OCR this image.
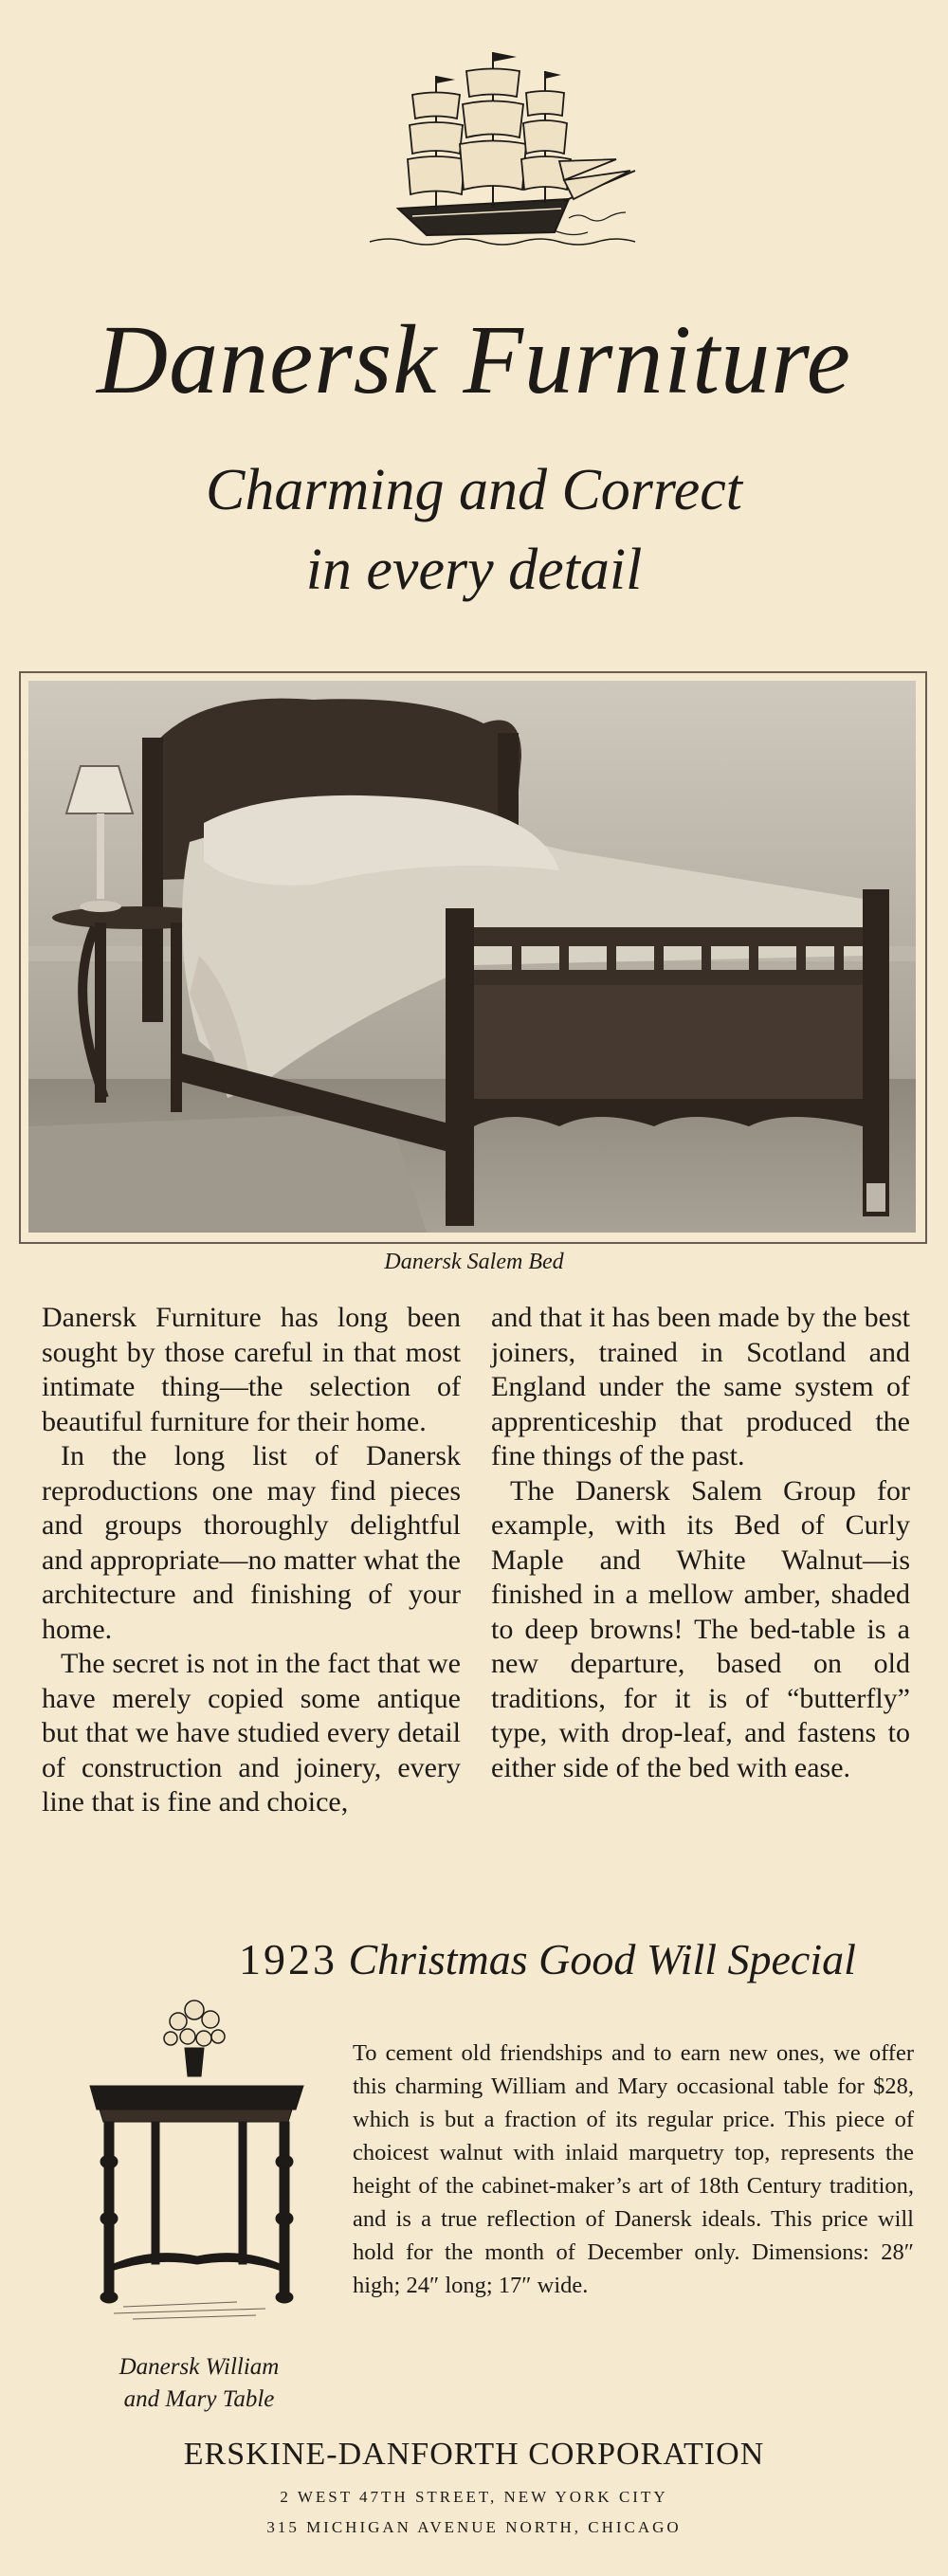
Danersk Furniture
Charming and Correct
in every detail
Danersk Salem Bed

Danersk Furniture has long been sought by those careful in that most intimate thing—the selection of beautiful furniture for their home.

In the long list of Danersk reproductions one may find pieces and groups thoroughly delightful and appropriate—no matter what the architecture and finishing of your home.

The secret is not in the fact that we have merely copied some antique but that we have studied every detail of construction and joinery, every line that is fine and choice,

and that it has been made by the best joiners, trained in Scotland and England under the same system of apprenticeship that produced the fine things of the past.

The Danersk Salem Group for example, with its Bed of Curly Maple and White Walnut—is finished in a mellow amber, shaded to deep browns! The bed-table is a new departure, based on old traditions, for it is of “butterfly” type, with drop-leaf, and fastens to either side of the bed with ease.

1923 Christmas Good Will Special

To cement old friendships and to earn new ones, we offer this charming William and Mary occasional table for $28, which is but a fraction of its regular price. This piece of choicest walnut with inlaid marquetry top, represents the height of the cabinet-maker’s art of 18th Century tradition, and is a true reflection of Danersk ideals. This price will hold for the month of December only. Dimensions: 28″ high; 24″ long; 17″ wide.

Danersk William
and Mary Table
ERSKINE-DANFORTH CORPORATION
2 WEST 47TH STREET, NEW YORK CITY
315 MICHIGAN AVENUE NORTH, CHICAGO
